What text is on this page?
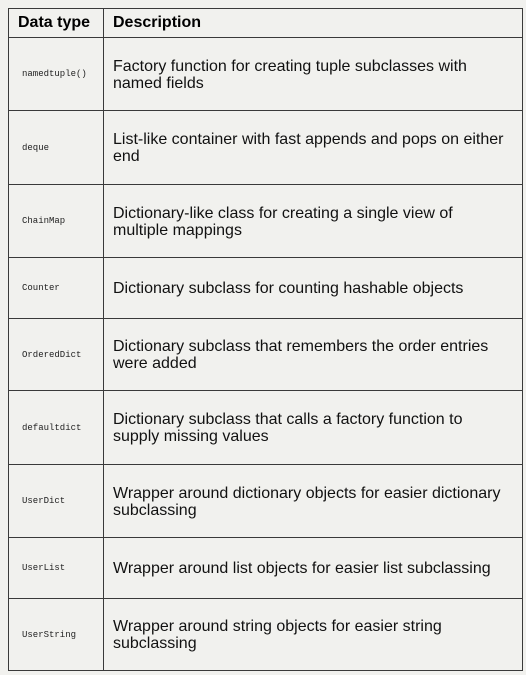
Data type	Description
namedtuple()	Factory function for creating tuple subclasses with named fields
deque	List-like container with fast appends and pops on either end
ChainMap	Dictionary-like class for creating a single view of multiple mappings
Counter	Dictionary subclass for counting hashable objects
OrderedDict	Dictionary subclass that remembers the order entries were added
defaultdict	Dictionary subclass that calls a factory function to supply missing values
UserDict	Wrapper around dictionary objects for easier dictionary subclassing
UserList	Wrapper around list objects for easier list subclassing
UserString	Wrapper around string objects for easier string subclassing
